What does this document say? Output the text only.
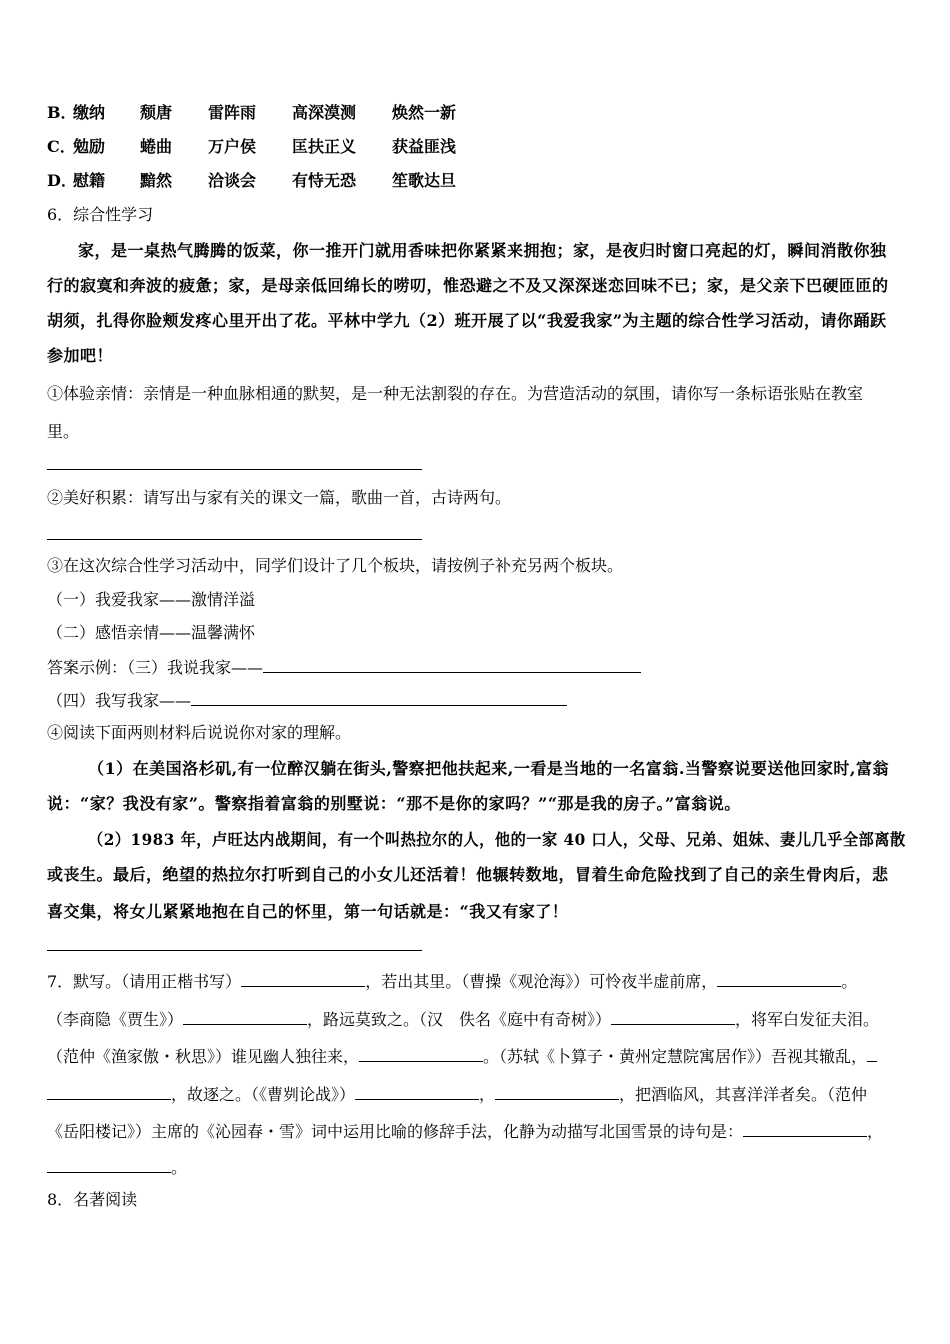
B．
缴纳 颓唐 雷阵雨 高深漠测 焕然一新
C．
勉励 蜷曲 万户侯 匡扶正义 获益匪浅
D．
慰籍 黯然 洽谈会 有恃无恐 笙歌达旦
6．综合性学习
家，是一桌热气腾腾的饭菜，你一推开门就用香味把你紧紧来拥抱；家，是夜归时窗口亮起的灯，瞬间消散你独
行的寂寞和奔波的疲惫；家，是母亲低回绵长的唠叨，惟恐避之不及又深深迷恋回味不已；家，是父亲下巴硬匝匝的
胡须，扎得你脸颊发疼心里开出了花。平林中学九（2）班开展了以“我爱我家”为主题的综合性学习活动，请你踊跃
参加吧！
①体验亲情：亲情是一种血脉相通的默契，是一种无法割裂的存在。为营造活动的氛围，请你写一条标语张贴在教室
里。
②美好积累：请写出与家有关的课文一篇，歌曲一首，古诗两句。
③在这次综合性学习活动中，同学们设计了几个板块，请按例子补充另两个板块。
（一）我爱我家——激情洋溢
（二）感悟亲情——温馨满怀
答案示例：（三）我说我家——
（四）我写我家——
④阅读下面两则材料后说说你对家的理解。
（1）在美国洛杉矶,有一位醉汉躺在街头,警察把他扶起来,一看是当地的一名富翁.当警察说要送他回家时,富翁
说：“家？我没有家”。警察指着富翁的别墅说：“那不是你的家吗？”“那是我的房子。”富翁说。
（2）1983 年，卢旺达内战期间，有一个叫热拉尔的人，他的一家 40 口人，父母、兄弟、姐妹、妻儿几乎全部离散
或丧生。最后，绝望的热拉尔打听到自己的小女儿还活着！他辗转数地，冒着生命危险找到了自己的亲生骨肉后，悲
喜交集，将女儿紧紧地抱在自己的怀里，第一句话就是：“我又有家了！
7．默写。（请用正楷书写）	，若出其里。（曹操《观沧海》）可怜夜半虚前席，	。
（李商隐《贾生》）	，路远莫致之。（汉　佚名《庭中有奇树》）	，将军白发征夫泪。
（范仲《渔家傲・秋思》）谁见幽人独往来，	。（苏轼《卜算子・黄州定慧院寓居作》）吾视其辙乱，
，故逐之。（《曹刿论战》）	，	，把酒临风，其喜洋洋者矣。（范仲
《岳阳楼记》）主席的《沁园春・雪》词中运用比喻的修辞手法，化静为动描写北国雪景的诗句是：	，
。
8．名著阅读
